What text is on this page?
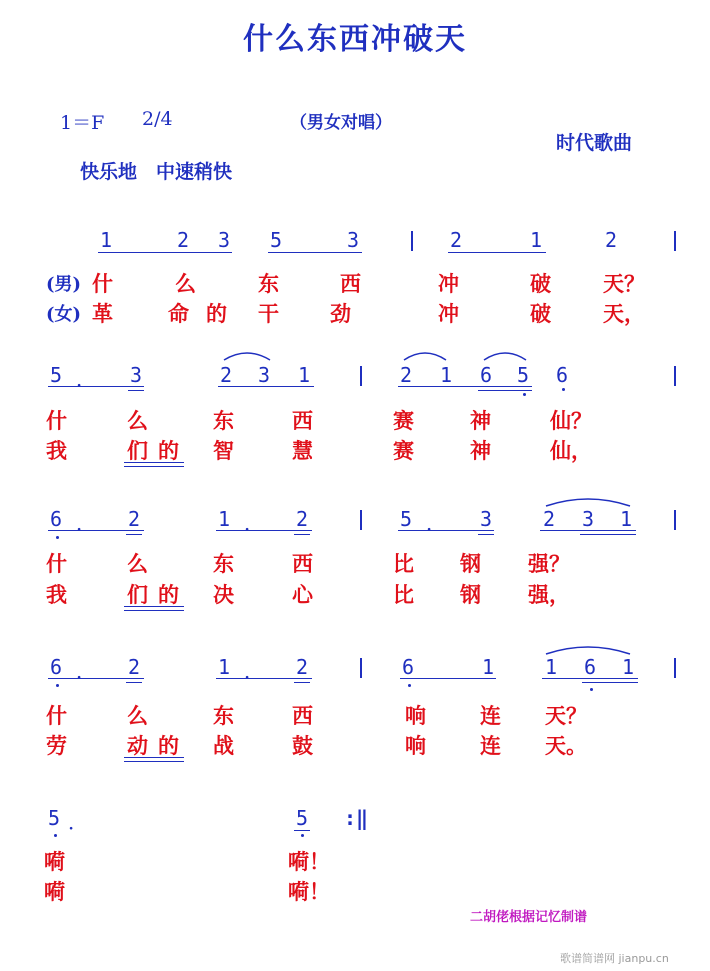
什么东西冲破天
1＝F 2/4	（男女对唱）
时代歌曲
快乐地　中速稍快
1	2 3 5	3	2	1	2
(男) 什	么	东	西	冲	破 天？
(女) 革	命 的 干 劲	冲	破 天，
5 ． 3	2 3 1	2 1 6 5 6
什	么	东	西	赛	神	仙？
我	们 的 智	慧	赛	神	仙，
6 ． 2	1 ． 2	5 ． 3	2 3 1
什	么	东	西	比 钢 强？
我	们 的 决	心	比 钢 强，
6 ． 2	1 ． 2	6	1	1 6 1
什	么	东	西	响	连 天？
劳	动 的 战	鼓	响	连 天。
5 ．	5 :‖
嗬	嗬！
嗬	嗬！
二胡佬根据记忆制谱
歌谱简谱网 jianpu.cn
